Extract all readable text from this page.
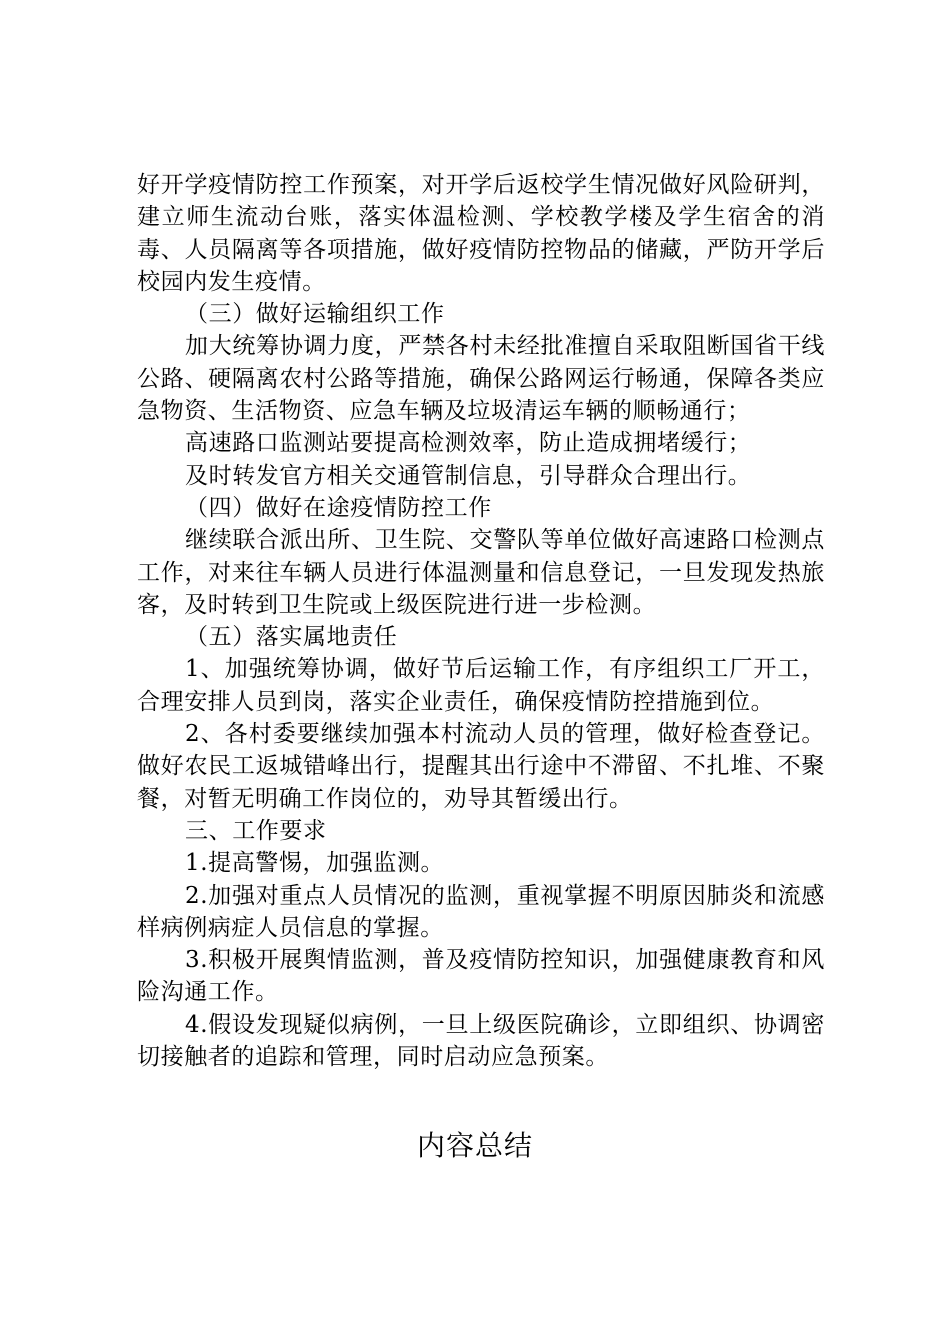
好开学疫情防控工作预案，对开学后返校学生情况做好风险研判，建立师生流动台账，落实体温检测、学校教学楼及学生宿舍的消毒、人员隔离等各项措施，做好疫情防控物品的储藏，严防开学后校园内发生疫情。

（三）做好运输组织工作

加大统筹协调力度，严禁各村未经批准擅自采取阻断国省干线公路、硬隔离农村公路等措施，确保公路网运行畅通，保障各类应急物资、生活物资、应急车辆及垃圾清运车辆的顺畅通行；

高速路口监测站要提高检测效率，防止造成拥堵缓行；

及时转发官方相关交通管制信息，引导群众合理出行。

（四）做好在途疫情防控工作

继续联合派出所、卫生院、交警队等单位做好高速路口检测点工作，对来往车辆人员进行体温测量和信息登记，一旦发现发热旅客，及时转到卫生院或上级医院进行进一步检测。

（五）落实属地责任

1、加强统筹协调，做好节后运输工作，有序组织工厂开工，合理安排人员到岗，落实企业责任，确保疫情防控措施到位。

2、各村委要继续加强本村流动人员的管理，做好检查登记。做好农民工返城错峰出行，提醒其出行途中不滞留、不扎堆、不聚餐，对暂无明确工作岗位的，劝导其暂缓出行。

三、工作要求

1.提高警惕，加强监测。

2.加强对重点人员情况的监测，重视掌握不明原因肺炎和流感样病例病症人员信息的掌握。

3.积极开展舆情监测，普及疫情防控知识，加强健康教育和风险沟通工作。

4.假设发现疑似病例，一旦上级医院确诊，立即组织、协调密切接触者的追踪和管理，同时启动应急预案。

内容总结
